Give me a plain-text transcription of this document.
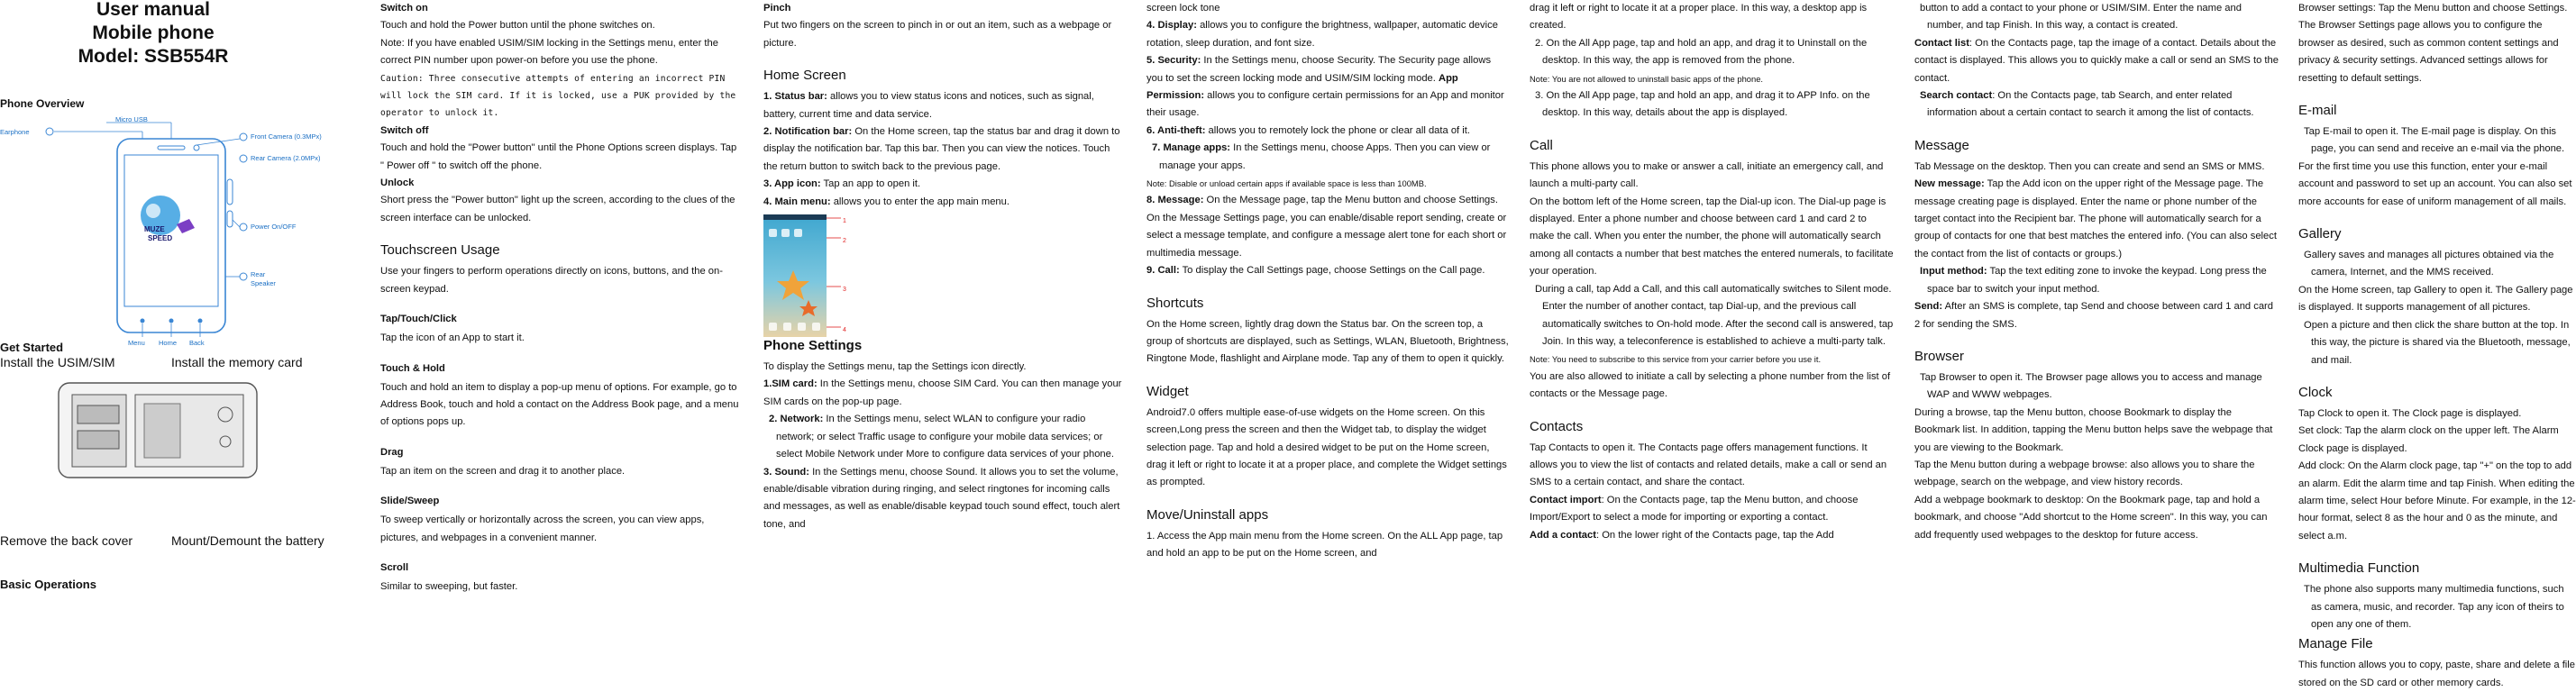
User manual
Mobile phone
Model: SSB554R
Phone Overview
Earphone
Micro USB
Front Camera (0.3MPx)
Rear Camera (2.0MPx)
Power On/OFF
Rear
Speaker
Menu Home Back
MUZE
SPEED
Get Started
Install the USIM/SIM	Install the memory card
Remove the back cover	Mount/Demount the battery
Basic Operations

Switch on

Touch and hold the Power button until the phone switches on.

Note: If you have enabled USIM/SIM locking in the Settings menu, enter the correct PIN number upon power-on before you use the phone.

Caution: Three consecutive attempts of entering an incorrect PIN will lock the SIM card. If it is locked, use a PUK provided by the operator to unlock it.

Switch off

Touch and hold the "Power button" until the Phone Options screen displays. Tap " Power off " to switch off the phone.

Unlock

Short press the "Power button" light up the screen, according to the clues of the screen interface can be unlocked.

Touchscreen Usage

Use your fingers to perform operations directly on icons, buttons, and the on-screen keypad.

Tap/Touch/Click

Tap the icon of an App to start it.

Touch & Hold

Touch and hold an item to display a pop-up menu of options. For example, go to Address Book, touch and hold a contact on the Address Book page, and a menu of options pops up.

Drag

Tap an item on the screen and drag it to another place.

Slide/Sweep

To sweep vertically or horizontally across the screen, you can view apps, pictures, and webpages in a convenient manner.

Scroll

Similar to sweeping, but faster.

Pinch

Put two fingers on the screen to pinch in or out an item, such as a webpage or picture.

Home Screen

1. Status bar: allows you to view status icons and notices, such as signal, battery, current time and data service.

2. Notification bar: On the Home screen, tap the status bar and drag it down to display the notification bar. Tap this bar. Then you can view the notices. Touch the return button to switch back to the previous page.

3. App icon: Tap an app to open it.

4. Main menu: allows you to enter the app main menu.

1
2
3
4
Phone Settings

To display the Settings menu, tap the Settings icon directly.

1.SIM card: In the Settings menu, choose SIM Card. You can then manage your SIM cards on the pop-up page.

2. Network: In the Settings menu, select WLAN to configure your radio network; or select Traffic usage to configure your mobile data services; or select Mobile Network under More to configure data services of your phone.

3. Sound: In the Settings menu, choose Sound. It allows you to set the volume, enable/disable vibration during ringing, and select ringtones for incoming calls and messages, as well as enable/disable keypad touch sound effect, touch alert tone, and

screen lock tone

4. Display: allows you to configure the brightness, wallpaper, automatic device rotation, sleep duration, and font size.

5. Security: In the Settings menu, choose Security. The Security page allows you to set the screen locking mode and USIM/SIM locking mode. App Permission: allows you to configure certain permissions for an App and monitor their usage.

6. Anti-theft: allows you to remotely lock the phone or clear all data of it.

7. Manage apps: In the Settings menu, choose Apps. Then you can view or manage your apps.

Note: Disable or unload certain apps if available space is less than 100MB.

8. Message: On the Message page, tap the Menu button and choose Settings. On the Message Settings page, you can enable/disable report sending, create or select a message template, and configure a message alert tone for each short or multimedia message.

9. Call: To display the Call Settings page, choose Settings on the Call page.

Shortcuts

On the Home screen, lightly drag down the Status bar. On the screen top, a group of shortcuts are displayed, such as Settings, WLAN, Bluetooth, Brightness, Ringtone Mode, flashlight and Airplane mode. Tap any of them to open it quickly.

Widget

Android7.0 offers multiple ease-of-use widgets on the Home screen. On this screen,Long press the screen and then the Widget tab, to display the widget selection page. Tap and hold a desired widget to be put on the Home screen, drag it left or right to locate it at a proper place, and complete the Widget settings as prompted.

Move/Uninstall apps

1. Access the App main menu from the Home screen. On the ALL App page, tap and hold an app to be put on the Home screen, and

drag it left or right to locate it at a proper place. In this way, a desktop app is created.

2. On the All App page, tap and hold an app, and drag it to Uninstall on the desktop. In this way, the app is removed from the phone.

Note: You are not allowed to uninstall basic apps of the phone.

3. On the All App page, tap and hold an app, and drag it to APP Info. on the desktop. In this way, details about the app is displayed.

Call

This phone allows you to make or answer a call, initiate an emergency call, and launch a multi-party call.

On the bottom left of the Home screen, tap the Dial-up icon. The Dial-up page is displayed. Enter a phone number and choose between card 1 and card 2 to make the call. When you enter the number, the phone will automatically search among all contacts a number that best matches the entered numerals, to facilitate your operation.

During a call, tap Add a Call, and this call automatically switches to Silent mode. Enter the number of another contact, tap Dial-up, and the previous call automatically switches to On-hold mode. After the second call is answered, tap Join. In this way, a teleconference is established to achieve a multi-party talk.

Note: You need to subscribe to this service from your carrier before you use it.

You are also allowed to initiate a call by selecting a phone number from the list of contacts or the Message page.

Contacts

Tap Contacts to open it. The Contacts page offers management functions. It allows you to view the list of contacts and related details, make a call or send an SMS to a certain contact, and share the contact.

Contact import: On the Contacts page, tap the Menu button, and choose Import/Export to select a mode for importing or exporting a contact.

Add a contact: On the lower right of the Contacts page, tap the Add

button to add a contact to your phone or USIM/SIM. Enter the name and number, and tap Finish. In this way, a contact is created.

Contact list: On the Contacts page, tap the image of a contact. Details about the contact is displayed. This allows you to quickly make a call or send an SMS to the contact.

Search contact: On the Contacts page, tab Search, and enter related information about a certain contact to search it among the list of contacts.

Message

Tab Message on the desktop. Then you can create and send an SMS or MMS.

New message: Tap the Add icon on the upper right of the Message page. The message creating page is displayed. Enter the name or phone number of the target contact into the Recipient bar. The phone will automatically search for a group of contacts for one that best matches the entered info. (You can also select the contact from the list of contacts or groups.)

Input method: Tap the text editing zone to invoke the keypad. Long press the space bar to switch your input method.

Send: After an SMS is complete, tap Send and choose between card 1 and card 2 for sending the SMS.

Browser

Tap Browser to open it. The Browser page allows you to access and manage WAP and WWW webpages.

During a browse, tap the Menu button, choose Bookmark to display the Bookmark list. In addition, tapping the Menu button helps save the webpage that you are viewing to the Bookmark.

Tap the Menu button during a webpage browse: also allows you to share the webpage, search on the webpage, and view history records.

Add a webpage bookmark to desktop: On the Bookmark page, tap and hold a bookmark, and choose "Add shortcut to the Home screen". In this way, you can add frequently used webpages to the desktop for future access.

Browser settings: Tap the Menu button and choose Settings. The Browser Settings page allows you to configure the browser as desired, such as common content settings and privacy & security settings. Advanced settings allows for resetting to default settings.

E-mail

Tap E-mail to open it. The E-mail page is display. On this page, you can send and receive an e-mail via the phone.

For the first time you use this function, enter your e-mail account and password to set up an account. You can also set more accounts for ease of uniform management of all mails.

Gallery

Gallery saves and manages all pictures obtained via the camera, Internet, and the MMS received.

On the Home screen, tap Gallery to open it. The Gallery page is displayed. It supports management of all pictures.

Open a picture and then click the share button at the top. In this way, the picture is shared via the Bluetooth, message, and mail.

Clock

Tap Clock to open it. The Clock page is displayed.

Set clock: Tap the alarm clock on the upper left. The Alarm Clock page is displayed.

Add clock: On the Alarm clock page, tap "+" on the top to add an alarm. Edit the alarm time and tap Finish. When editing the alarm time, select Hour before Minute. For example, in the 12-hour format, select 8 as the hour and 0 as the minute, and select a.m.

Multimedia Function

The phone also supports many multimedia functions, such as camera, music, and recorder. Tap any icon of theirs to open any one of them.

Manage File

This function allows you to copy, paste, share and delete a file stored on the SD card or other memory cards.
